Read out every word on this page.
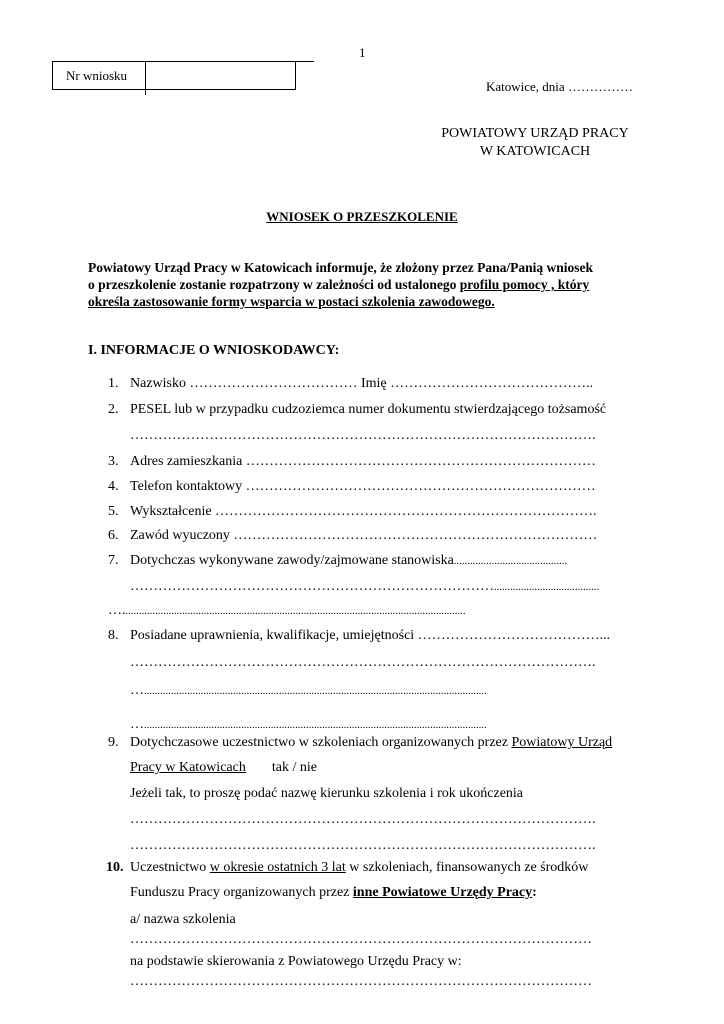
1
Nr wniosku
Katowice, dnia ……………
POWIATOWY URZĄD PRACY
W KATOWICACH
WNIOSEK O PRZESZKOLENIE
Powiatowy Urząd Pracy w Katowicach informuje, że złożony przez Pana/Panią wniosek
o przeszkolenie zostanie rozpatrzony w zależności od ustalonego profilu pomocy , który
określa zastosowanie formy wsparcia w postaci szkolenia zawodowego.
I. INFORMACJE O WNIOSKODAWCY:
1. Nazwisko ……………………………… Imię ……………………………………..
2. PESEL lub w przypadku cudzoziemca numer dokumentu stwierdzającego tożsamość
……………………………………………………………………………………….
3. Adres zamieszkania …………………………………………………………………
4. Telefon kontaktowy …………………………………………………………………
5. Wykształcenie ……………………………………………………………………….
6. Zawód wyuczony ……………………………………………………………………
7. Dotychczas wykonywane zawody/zajmowane stanowiska..........................................
…………………………………………………………………….......................................
…...............................................................................................................................
8. Posiadane uprawnienia, kwalifikacje, umiejętności …………………………………...
……………………………………………………………………………………….
…...............................................................................................................................
…...............................................................................................................................
9. Dotychczasowe uczestnictwo w szkoleniach organizowanych przez Powiatowy Urząd
Pracy w Katowicach tak / nie
Jeżeli tak, to proszę podać nazwę kierunku szkolenia i rok ukończenia
……………………………………………………………………………………….
……………………………………………………………………………………….
10. Uczestnictwo w okresie ostatnich 3 lat w szkoleniach, finansowanych ze środków
Funduszu Pracy organizowanych przez inne Powiatowe Urzędy Pracy:
a/ nazwa szkolenia
………………………………………………………………………………………
na podstawie skierowania z Powiatowego Urzędu Pracy w:
………………………………………………………………………………………
